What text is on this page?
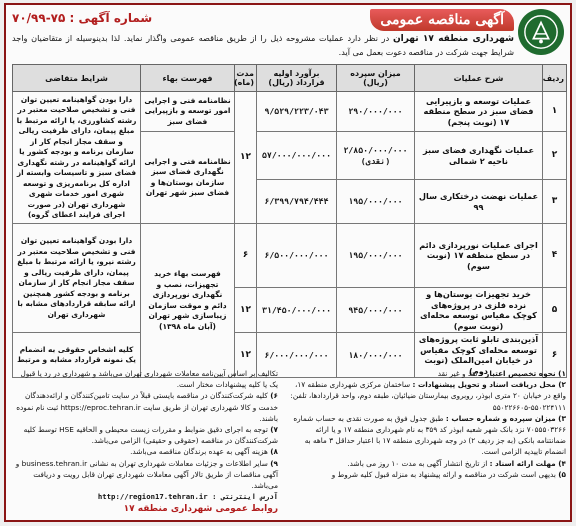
آگهی مناقصه عمومی
شماره آگهی : ۷۵-۷۰/۹۹
شهرداری منطقه ۱۷ تهران در نظر دارد عملیات مشروحه ذیل را از طریق مناقصه عمومی واگذار نماید. لذا بدینوسیله از متقاضیان واجد شرایط جهت شرکت در مناقصه دعوت بعمل می آید.
ردیف	شرح عملیات	میزان سپرده (ریال)	برآورد اولیه قرارداد (ریال)	مدت (ماه)	فهرست بهاء	شرایط متقاضی
۱	عملیات توسعه و بازپیرایی فضای سبز در سطح منطقه ۱۷ (نوبت پنجم)	۲۹۰/۰۰۰/۰۰۰	۹/۵۲۹/۲۲۳/۰۴۳	۱۲	نظامنامه فنی و اجرایی امور توسعه و بازپیرایی فضای سبز	دارا بودن گواهینامه تعیین توان فنی و تشخیص صلاحیت معتبر در رشته کشاورزی، یا ارائه مرتبط با مبلغ پیمان، دارای ظرفیت ریالی و سقف مجاز انجام کار از سازمان برنامه و بودجه کشور یا ارائه گواهینامه در رشته نگهداری فضای سبز و تاسیسات وابسته از اداره کل برنامه‌ریزی و توسعه شهری امور خدمات شهری شهرداری تهران (در صورت اجرای فرایند اعطای گروه)
۲	عملیات نگهداری فضای سبز ناحیه ۲ شمالی	۲/۸۵۰/۰۰۰/۰۰۰ (نقدی)	۵۷/۰۰۰/۰۰۰/۰۰۰		نظامنامه فنی و اجرایی نگهداری فضای سبز سازمان بوستان‌ها و فضای سبز شهر تهران	
۳	عملیات نهضت درختکاری سال ۹۹	۱۹۵/۰۰۰/۰۰۰	۶/۳۹۹/۷۹۴/۴۴۴			
۴	اجرای عملیات نورپردازی دائم در سطح منطقه ۱۷ (نوبت سوم)	۱۹۵/۰۰۰/۰۰۰	۶/۵۰۰/۰۰۰/۰۰۰	۶	فهرست بهاء خرید تجهیزات، نصب و نگهداری نورپردازی دائم و موقت سازمان زیباسازی شهر تهران (آبان ماه ۱۳۹۸)	دارا بودن گواهینامه تعیین توان فنی و تشخیص صلاحیت معتبر در رشته نیرو، یا ارائه مرتبط با مبلغ پیمان، دارای ظرفیت ریالی و سقف مجاز انجام کار از سازمان برنامه و بودجه کشور همچنین ارائه سابقه قراردادهای مشابه با شهرداری تهران
۵	خرید تجهیزات بوستان‌ها و نرده فلزی در پروژه‌های کوچک مقیاس توسعه محله‌ای (نوبت سوم)	۹۴۵/۰۰۰/۰۰۰	۳۱/۴۵۰/۰۰۰/۰۰۰	۱۲		
۶	آذین‌بندی تابلو ثابت پروژه‌های توسعه محله‌ای کوچک مقیاس در خیابان امین‌الملک (نوبت دوم)	۱۸۰/۰۰۰/۰۰۰	۶/۰۰۰/۰۰۰/۰۰۰	۱۲		کلیه اشخاص حقوقی به انضمام یک نمونه قرارداد مشابه و مرتبط
۱) نحوه تخصیص اعتبار : نقد و غیر نقد
۲) محل دریافت اسناد و تحویل پیشنهادات : ساختمان مرکزی شهرداری منطقه ۱۷، واقع در خیابان ۲۰ متری ابوذر، روبروی بیمارستان ضیائیان، طبقه دوم، واحد قراردادها، تلفن: ۵۵۰۲۲۴۱۱۱-۵۵۰۲۲۶۶۰۵
۳) میزان سپرده و شماره حساب : طبق جدول فوق به صورت نقدی به حساب شماره ۷۰۵۵۵۰۳۲۶۶ نزد بانک شهر شعبه ابوذر کد ۳۵۹ به نام شهرداری منطقه ۱۷ و یا ارائه ضمانتنامه بانکی (به جز ردیف ۲) در وجه شهرداری منطقه ۱۷ با اعتبار حداقل ۳ ماهه به انضمام تاییدیه الزامی است.
۴) مهلت ارائه اسناد : از تاریخ انتشار آگهی به مدت ۱۰ روز می باشد.
۵) بدیهی است شرکت در مناقصه و ارائه پیشنهاد به منزله قبول کلیه شروط و
تکالیف بر اساس آیین‌نامه معاملات شهرداری تهران می‌باشد و شهرداری در رد یا قبول یک یا کلیه پیشنهادات مختار است.
۶) کلیه شرکت‌کنندگان در مناقصه بایستی قبلاً در سایت تامین‌کنندگان و ارائه‌دهندگان خدمت و کالا شهرداری تهران از طریق سایت https://eproc.tehran.ir ثبت نام نموده باشند.
۷) توجه به اجرای دقیق ضوابط و مقررات زیست محیطی و الحاقیه HSE توسط کلیه شرکت‌کنندگان در مناقصه (حقوقی و حقیقی) الزامی می‌باشد.
۸) هزینه آگهی به عهده برندگان مناقصه می‌باشد.
۹) سایر اطلاعات و جزئیات معاملات شهرداری تهران به نشانی business.tehran.ir و آگهی مناقصات از طریق تالار آگهی معاملات شهرداری تهران قابل رویت و دریافت می‌باشد.
آدرس اینترنتی : http://region17.tehran.ir
روابط عمومی شهرداری منطقه ۱۷
